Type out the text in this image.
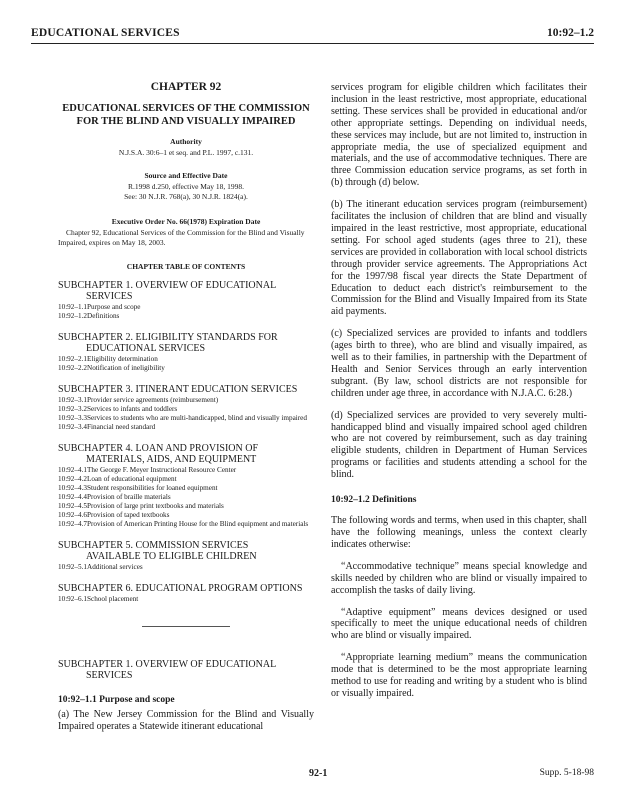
EDUCATIONAL SERVICES	10:92–1.2
CHAPTER 92
EDUCATIONAL SERVICES OF THE COMMISSION
FOR THE BLIND AND VISUALLY IMPAIRED
Authority
N.J.S.A. 30:6–1 et seq. and P.L. 1997, c.131.
Source and Effective Date
R.1998 d.250, effective May 18, 1998.
See: 30 N.J.R. 768(a), 30 N.J.R. 1824(a).
Executive Order No. 66(1978) Expiration Date
Chapter 92, Educational Services of the Commission for the Blind and Visually Impaired, expires on May 18, 2003.
CHAPTER TABLE OF CONTENTS
SUBCHAPTER 1. OVERVIEW OF EDUCATIONAL
SERVICES
10:92–1.1 Purpose and scope
10:92–1.2 Definitions
SUBCHAPTER 2. ELIGIBILITY STANDARDS FOR
EDUCATIONAL SERVICES
10:92–2.1 Eligibility determination
10:92–2.2 Notification of ineligibility
SUBCHAPTER 3. ITINERANT EDUCATION SERVICES
10:92–3.1 Provider service agreements (reimbursement)
10:92–3.2 Services to infants and toddlers
10:92–3.3 Services to students who are multi-handicapped, blind and visually impaired
10:92–3.4 Financial need standard
SUBCHAPTER 4. LOAN AND PROVISION OF
MATERIALS, AIDS, AND EQUIPMENT
10:92–4.1 The George F. Meyer Instructional Resource Center
10:92–4.2 Loan of educational equipment
10:92–4.3 Student responsibilities for loaned equipment
10:92–4.4 Provision of braille materials
10:92–4.5 Provision of large print textbooks and materials
10:92–4.6 Provision of taped textbooks
10:92–4.7 Provision of American Printing House for the Blind equipment and materials
SUBCHAPTER 5. COMMISSION SERVICES
AVAILABLE TO ELIGIBLE CHILDREN
10:92–5.1 Additional services
SUBCHAPTER 6. EDUCATIONAL PROGRAM OPTIONS
10:92–6.1 School placement
SUBCHAPTER 1. OVERVIEW OF EDUCATIONAL
SERVICES
10:92–1.1 Purpose and scope

(a) The New Jersey Commission for the Blind and Visually Impaired operates a Statewide itinerant educational

services program for eligible children which facilitates their inclusion in the least restrictive, most appropriate, educational setting. These services shall be provided in educational and/or other appropriate settings. Depending on individual needs, these services may include, but are not limited to, instruction in appropriate media, the use of specialized equipment and materials, and the use of accommodative techniques. There are three Commission education service programs, as set forth in (b) through (d) below.

(b) The itinerant education services program (reimbursement) facilitates the inclusion of children that are blind and visually impaired in the least restrictive, most appropriate, educational setting. For school aged students (ages three to 21), these services are provided in collaboration with local school districts through provider service agreements. The Appropriations Act for the 1997/98 fiscal year directs the State Department of Education to deduct each district's reimbursement to the Commission for the Blind and Visually Impaired from its State aid payments.

(c) Specialized services are provided to infants and toddlers (ages birth to three), who are blind and visually impaired, as well as to their families, in partnership with the Department of Health and Senior Services through an early intervention subgrant. (By law, school districts are not responsible for children under age three, in accordance with N.J.A.C. 6:28.)

(d) Specialized services are provided to very severely multi-handicapped blind and visually impaired school aged children who are not covered by reimbursement, such as day training eligible students, children in Department of Human Services programs or facilities and students attending a school for the blind.

10:92–1.2 Definitions

The following words and terms, when used in this chapter, shall have the following meanings, unless the context clearly indicates otherwise:

“Accommodative technique” means special knowledge and skills needed by children who are blind or visually impaired to accomplish the tasks of daily living.

“Adaptive equipment” means devices designed or used specifically to meet the unique educational needs of children who are blind or visually impaired.

“Appropriate learning medium” means the communication mode that is determined to be the most appropriate learning method to use for reading and writing by a student who is blind or visually impaired.

92-1	Supp. 5-18-98
